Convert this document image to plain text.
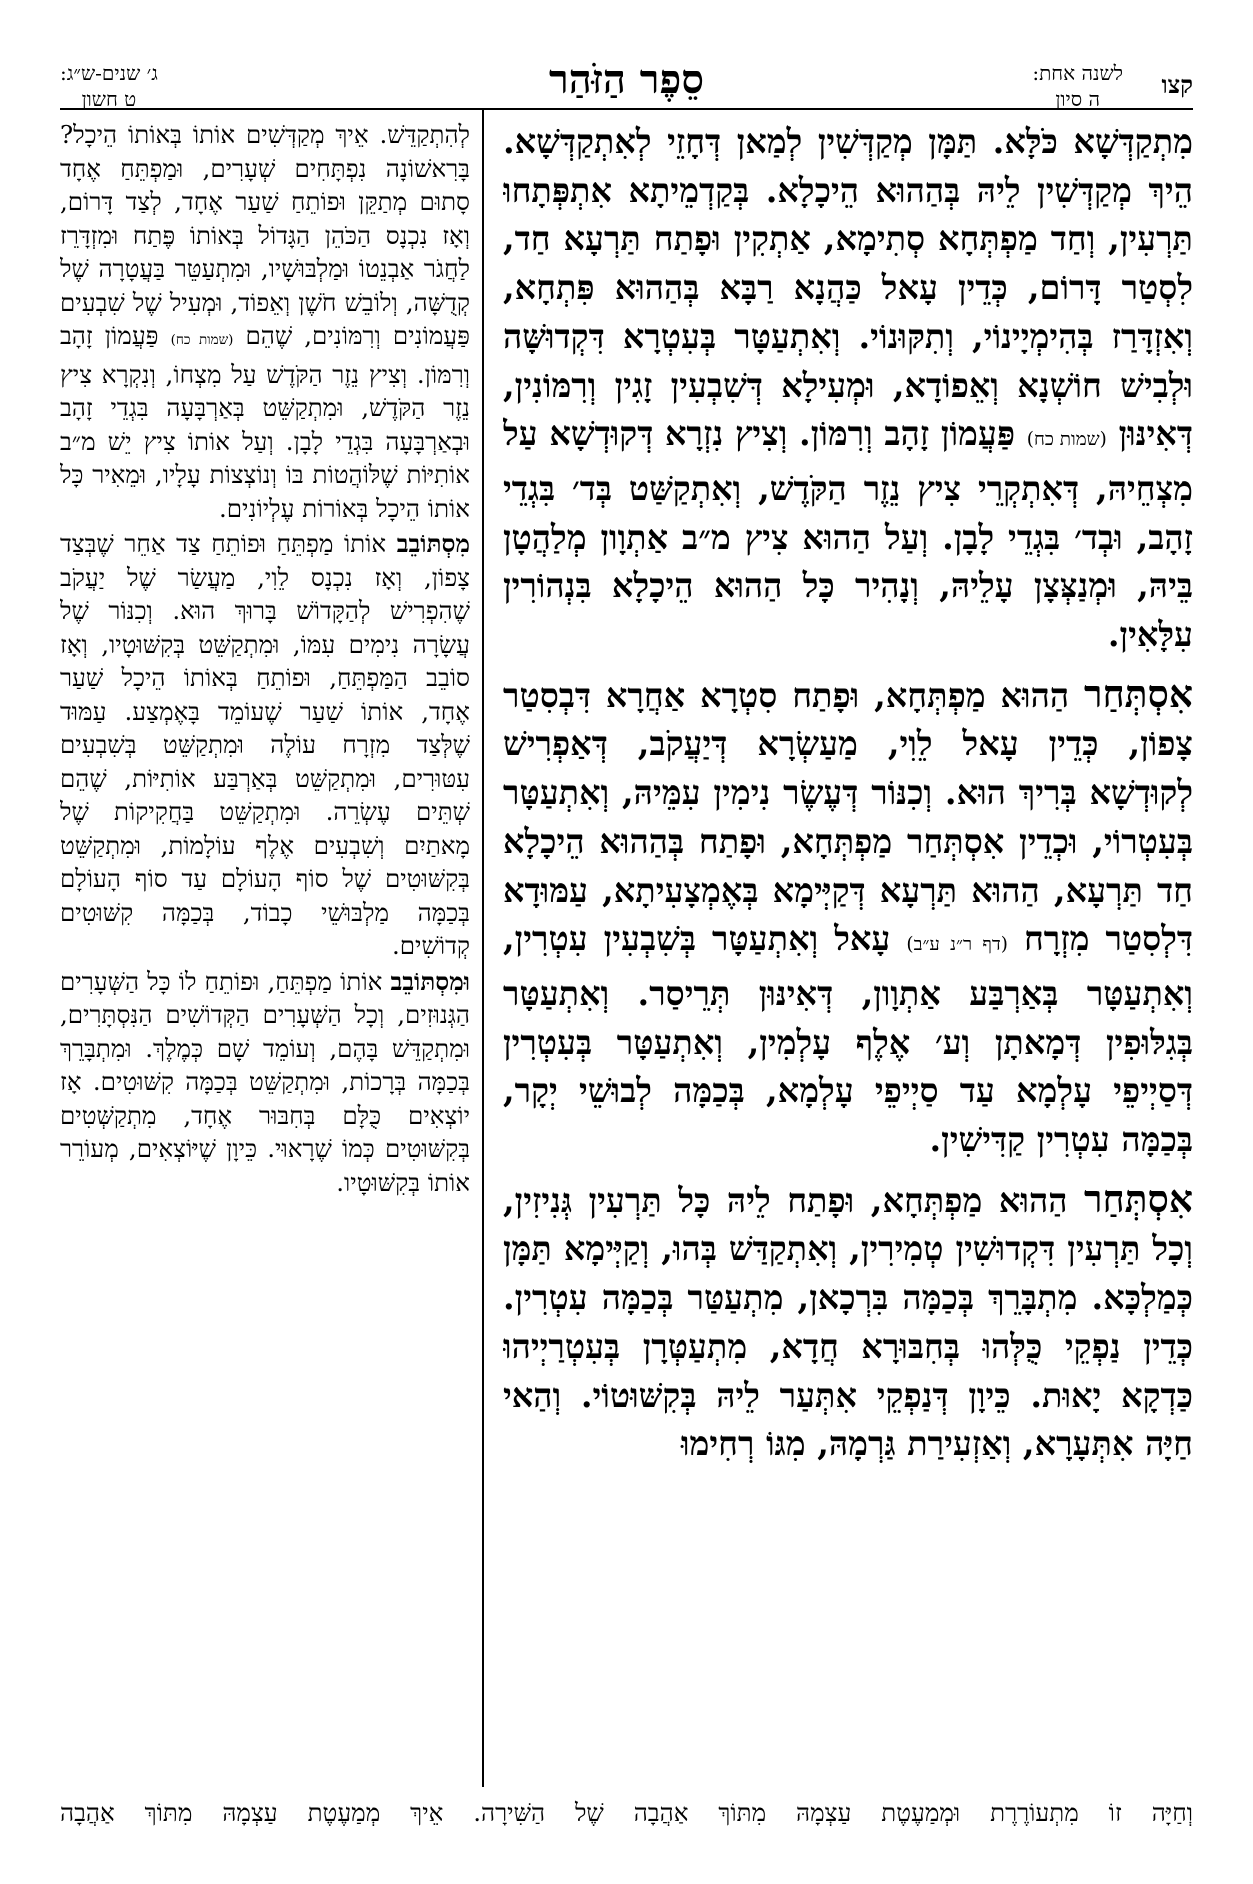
קצו
לשנה אחת:
ה סיון
סֵפֶר הַזֹּהַר
ג׳ שנים-ש״ג:
ט חשון

מִתְקַדְּשָׁא כֹּלָּא. תַּמָּן מְקַדְּשִׁין לְמַאן דְּחָזֵי לְאִתְקַדְּשָׁא. הֵיךְ מְקַדְּשִׁין לֵיהּ בְּהַהוּא הֵיכָלָא. בְּקַדְמֵיתָא אִתְפְּתָחוּ תַּרְעִין, וְחַד מַפְתְּחָא סְתִימָא, אַתְקִין וּפָתַח תַּרְעָא חַד, לִסְטַר דָּרוֹם, כְּדֵין עָאל כַּהֲנָא רַבָּא בְּהַהוּא פִּתְחָא, וְאִזְדָּרַז בְּהִימְיָינוֹי, וְתִקּוּנוֹי. וְאִתְעַטָּר בְּעִטְרָא דִּקְדוּשָּׁה וּלְבִישׁ חוֹשְׁנָא וְאֵפוֹדָא, וּמְעִילָא דְּשִׁבְעִין זָגִין וְרִמּוֹנִין, דְּאִינּוּן (שמות כח) פַּעֲמוֹן זָהָב וְרִמּוֹן. וְצִיץ נִזְרָא דְּקוּדְשָׁא עַל מִצְחֵיהּ, דְּאִתְקְרֵי צִיץ נֵזֶר הַקֹּדֶשׁ, וְאִתְקַשַּׁט בְּד׳ בִּגְדֵי זָהָב, וּבְד׳ בִּגְדֵי לָבָן. וְעַל הַהוּא צִיץ מ״ב אַתְוָון מְלַהֲטָן בֵּיהּ, וּמְנַצְּצָן עָלֵיהּ, וְנָהִיר כָּל הַהוּא הֵיכָלָא בִּנְהוֹרִין עִלָּאִין.

אִסְתְּחַר הַהוּא מַפְתְּחָא, וּפָתַח סִטְרָא אַחֲרָא דִּבְסִטַר צָפוֹן, כְּדֵין עָאל לֵוִי, מַעַשְׂרָא דְּיַעֲקֹב, דְּאַפְרִישׁ לְקוּדְשָׁא בְּרִיךְ הוּא. וְכִנּוֹר דְּעֶשֶׂר נִימִין עִמֵּיהּ, וְאִתְעַטָּר בְּעִטְרוֹי, וּכְדֵין אִסְתְּחַר מַפְתְּחָא, וּפָתַח בְּהַהוּא הֵיכָלָא חַד תַּרְעָא, הַהוּא תַּרְעָא דְּקַיְּימָא בְּאֶמְצָעִיתָא, עַמּוּדָא דִּלְסִטַר מִזְרָח (דף ר״נ ע״ב) עָאל וְאִתְעַטָּר בְּשִׁבְעִין עִטְרִין, וְאִתְעַטָּר בְּאַרְבַּע אַתְוָון, דְּאִינּוּן תְּרֵיסַר. וְאִתְעַטָּר בְּגִלּוּפִין דְּמָאתָן וְע׳ אֶלֶף עָלְמִין, וְאִתְעַטָּר בְּעִטְרִין דְּסַיְיפֵי עָלְמָא עַד סַיְיפֵי עָלְמָא, בְּכַמָּה לְבוּשֵׁי יְקָר, בְּכַמָּה עִטְרִין קַדִּישִׁין.

אִסְתְּחַר הַהוּא מַפְתְּחָא, וּפָתַח לֵיהּ כָּל תַּרְעִין גְּנִיזִין, וְכָל תַּרְעִין דִּקְדוּשִׁין טְמִירִין, וְאִתְקַדַּשׁ בְּהוּ, וְקַיְּימָא תַּמָּן כְּמַלְכָּא. מִתְבָּרֵךְ בְּכַמָּה בִּרְכָאן, מִתְעַטַּר בְּכַמָּה עִטְרִין. כְּדֵין נַפְקֵי כֻּלְּהוּ בְּחִבּוּרָא חֲדָא, מִתְעַטְּרָן בְּעִטְרַיְיהוּ כַּדְקָא יָאוּת. כֵּיוָן דְּנַפְקֵי אִתְּעַר לֵיהּ בְּקִשּׁוּטוֹי. וְהַאי חַיָּה אִתְּעָרָא, וְאַזְעִירַת גַּרְמָהּ, מִגּוֹ רְחִימוּ

לְהִתְקַדֵּשׁ. אֵיךְ מְקַדְּשִׁים אוֹתוֹ בְּאוֹתוֹ הֵיכָל? בָּרִאשׁוֹנָה נִפְתָּחִים שְׁעָרִים, וּמַפְתֵּחַ אֶחָד סָתוּם מְתַקֵּן וּפוֹתֵחַ שַׁעַר אֶחָד, לְצַד דָּרוֹם, וְאָז נִכְנָס הַכֹּהֵן הַגָּדוֹל בְּאוֹתוֹ פֶּתַח וּמִזְדָּרֵז לַחֲגֹר אַבְנֵטוֹ וּמַלְבּוּשָׁיו, וּמִתְעַטֵּר בַּעֲטָרָה שֶׁל קְדֻשָּׁה, וְלוֹבֵשׁ חֹשֶׁן וְאֵפוֹד, וּמְעִיל שֶׁל שִׁבְעִים פַּעֲמוֹנִים וְרִמּוֹנִים, שֶׁהֵם (שמות כח) פַּעֲמוֹן זָהָב וְרִמּוֹן. וְצִיץ נֵזֶר הַקֹּדֶשׁ עַל מִצְחוֹ, וְנִקְרָא צִיץ נֵזֶר הַקֹּדֶשׁ, וּמִתְקַשֵּׁט בְּאַרְבָּעָה בִּגְדֵי זָהָב וּבְאַרְבָּעָה בִּגְדֵי לָבָן. וְעַל אוֹתוֹ צִיץ יֵשׁ מ״ב אוֹתִיּוֹת שֶׁלּוֹהֲטוֹת בּוֹ וְנוֹצְצוֹת עָלָיו, וּמֵאִיר כָּל אוֹתוֹ הֵיכָל בְּאוֹרוֹת עֶלְיוֹנִים.

מִסְתּוֹבֵב אוֹתוֹ מַפְתֵּחַ וּפוֹתֵחַ צַד אַחֵר שֶׁבְּצַד צָפוֹן, וְאָז נִכְנָס לֵוִי, מַעֲשַׂר שֶׁל יַעֲקֹב שֶׁהִפְרִישׁ לְהַקָּדוֹשׁ בָּרוּךְ הוּא. וְכִנּוֹר שֶׁל עֲשָׂרָה נִימִים עִמּוֹ, וּמִתְקַשֵּׁט בְּקִשּׁוּטָיו, וְאָז סוֹבֵב הַמַּפְתֵּחַ, וּפוֹתֵחַ בְּאוֹתוֹ הֵיכָל שַׁעַר אֶחָד, אוֹתוֹ שַׁעַר שֶׁעוֹמֵד בָּאֶמְצַע. עַמּוּד שֶׁלְּצַד מִזְרָח עוֹלֶה וּמִתְקַשֵּׁט בְּשִׁבְעִים עִטּוּרִים, וּמִתְקַשֵּׁט בְּאַרְבַּע אוֹתִיּוֹת, שֶׁהֵם שְׁתֵּים עֶשְׂרֵה. וּמִתְקַשֵּׁט בַּחֲקִיקוֹת שֶׁל מָאתַיִם וְשִׁבְעִים אֶלֶף עוֹלָמוֹת, וּמִתְקַשֵּׁט בְּקִשּׁוּטִים שֶׁל סוֹף הָעוֹלָם עַד סוֹף הָעוֹלָם בְּכַמָּה מַלְבּוּשֵׁי כָבוֹד, בְּכַמָּה קִשּׁוּטִים קְדוֹשִׁים.

וּמִסְתּוֹבֵב אוֹתוֹ מַפְתֵּחַ, וּפוֹתֵחַ לוֹ כָּל הַשְּׁעָרִים הַגְּנוּזִים, וְכָל הַשְּׁעָרִים הַקְּדוֹשִׁים הַנִּסְתָּרִים, וּמִתְקַדֵּשׁ בָּהֶם, וְעוֹמֵד שָׁם כְּמֶלֶךְ. וּמִתְבָּרֵךְ בְּכַמָּה בְּרָכוֹת, וּמִתְקַשֵּׁט בְּכַמָּה קִשּׁוּטִים. אָז יוֹצְאִים כֻּלָּם בְּחִבּוּר אֶחָד, מִתְקַשְּׁטִים בְּקִשּׁוּטִים כְּמוֹ שֶׁרָאוּי. כֵּיוָן שֶׁיּוֹצְאִים, מְעוֹרֵר אוֹתוֹ בְּקִשּׁוּטָיו.

וְחַיָּה זוֹ מִתְעוֹרֶרֶת וּמְמַעֶטֶת עַצְמָהּ מִתּוֹךְ אַהֲבָה שֶׁל הַשִּׁירָה. אֵיךְ מְמַעֶטֶת עַצְמָהּ מִתּוֹךְ אַהֲבָה
